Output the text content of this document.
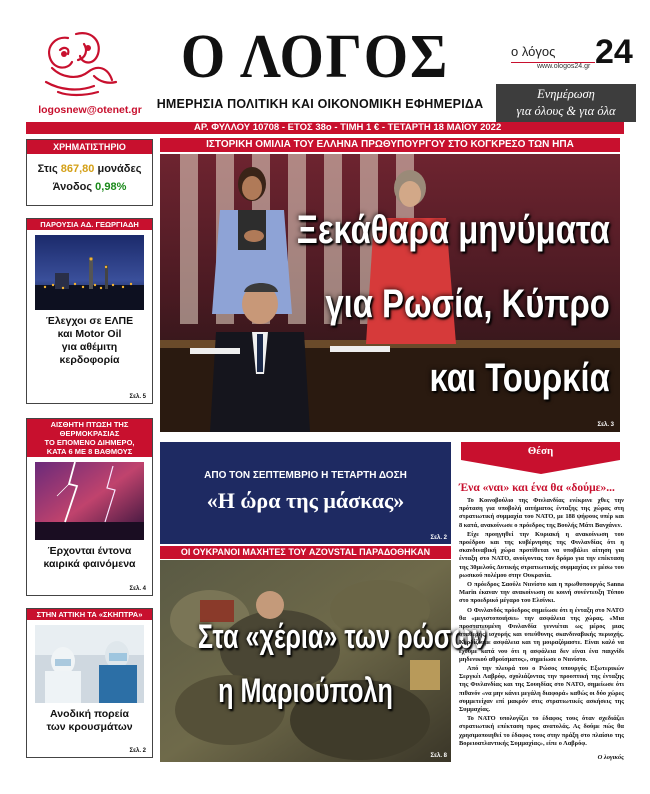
logosnew@otenet.gr
Ο ΛΟΓΟΣ
ΗΜΕΡΗΣΙΑ ΠΟΛΙΤΙΚΗ ΚΑΙ ΟΙΚΟΝΟΜΙΚΗ ΕΦΗΜΕΡΙΔΑ
ο λόγος 24
www.ologos24.gr
Ενημέρωση
για όλους & για όλα
ΑΡ. ΦΥΛΛΟΥ 10708 - ΕΤΟΣ 38ο - ΤΙΜΗ 1 € - ΤΕΤΑΡΤΗ 18 ΜΑΪΟΥ 2022
ΧΡΗΜΑΤΙΣΤΗΡΙΟ
Στις 867,80 μονάδες
Άνοδος 0,98%
ΠΑΡΟΥΣΙΑ ΑΔ. ΓΕΩΡΓΙΑΔΗ
Έλεγχοι σε ΕΛΠΕ
και Motor Oil
για αθέμιτη
κερδοφορία
Σελ. 5
ΑΙΣΘΗΤΗ ΠΤΩΣΗ ΤΗΣ ΘΕΡΜΟΚΡΑΣΙΑΣ
ΤΟ ΕΠΟΜΕΝΟ ΔΙΗΜΕΡΟ,
ΚΑΤΑ 6 ΜΕ 8 ΒΑΘΜΟΥΣ
Έρχονται έντονα
καιρικά φαινόμενα
Σελ. 4
ΣΤΗΝ ΑΤΤΙΚΗ ΤΑ «ΣΚΗΠΤΡΑ»
Ανοδική πορεία
των κρουσμάτων
Σελ. 2
ΙΣΤΟΡΙΚΗ ΟΜΙΛΙΑ ΤΟΥ ΕΛΛΗΝΑ ΠΡΩΘΥΠΟΥΡΓΟΥ ΣΤΟ ΚΟΓΚΡΕΣΟ ΤΩΝ ΗΠΑ
Ξεκάθαρα μηνύματα
για Ρωσία, Κύπρο
και Τουρκία
Σελ. 3
ΑΠΟ ΤΟΝ ΣΕΠΤΕΜΒΡΙΟ Η ΤΕΤΑΡΤΗ ΔΟΣΗ
«Η ώρα της μάσκας»
Σελ. 2
ΟΙ ΟΥΚΡΑΝΟΙ ΜΑΧΗΤΕΣ ΤΟΥ AZOVSTAL ΠΑΡΑΔΟΘΗΚΑΝ
Στα «χέρια» των ρώσων
η Μαριούπολη
Σελ. 8
Θέση
Ένα «ναι» και ένα θα «δούμε»...

Το Κοινοβούλιο της Φινλανδίας ενέκρινε χθες την πρόταση για υποβολή αιτήματος ένταξης της χώρας στη στρατιωτική συμμαχία του ΝΑΤΟ, με 188 ψήφους υπέρ και 8 κατά, ανακοίνωσε ο πρόεδρος της Βουλής Μάτι Βανχάνεν.

Είχε προηγηθεί την Κυριακή η ανακοίνωση του προέδρου και της κυβέρνησης της Φινλανδίας ότι η σκανδιναβική χώρα προτίθεται να υποβάλει αίτηση για ένταξη στο ΝΑΤΟ, ανοίγοντας τον δρόμο για την επέκταση της 30μελούς Δυτικής στρατιωτικής συμμαχίας εν μέσω του ρωσικού πολέμου στην Ουκρανία.

Ο πρόεδρος Σαούλι Νιινίστο και η πρωθυπουργός Sanna Marin έκαναν την ανακοίνωση σε κοινή συνέντευξη Τύπου στο προεδρικό μέγαρο του Ελσίνκι.

Ο Φινλανδός πρόεδρος σημείωσε ότι η ένταξη στο ΝΑΤΟ θα «μεγιστοποιήσει» την ασφάλεια της χώρας. «Μια προστατευμένη Φινλανδία γεννιέται ως μέρος μιας σταθερής, ισχυρής και υπεύθυνης σκανδιναβικής περιοχής. Κερδίζουμε ασφάλεια και τη μοιραζόμαστε. Είναι καλό να έχουμε κατά νου ότι η ασφάλεια δεν είναι ένα παιχνίδι μηδενικού αθροίσματος», σημείωσε ο Νιινίστο.

Από την πλευρά του ο Ρώσος υπουργός Εξωτερικών Σεργκέι Λαβρόφ, σχολιάζοντας την προοπτική της ένταξης της Φινλανδίας και της Σουηδίας στο ΝΑΤΟ, σημείωσε ότι πιθανόν «να μην κάνει μεγάλη διαφορά» καθώς οι δύο χώρες συμμετείχαν επί μακρόν στις στρατιωτικές ασκήσεις της Συμμαχίας.

Το ΝΑΤΟ υπολογίζει το έδαφος τους όταν σχεδιάζει στρατιωτική επέκταση προς ανατολάς. Ας δούμε πώς θα χρησιμοποιηθεί το έδαφος τους στην πράξη στο πλαίσιο της Βορειοατλαντικής Συμμαχίας», είπε ο Λαβρόφ.

Ο λογικός
